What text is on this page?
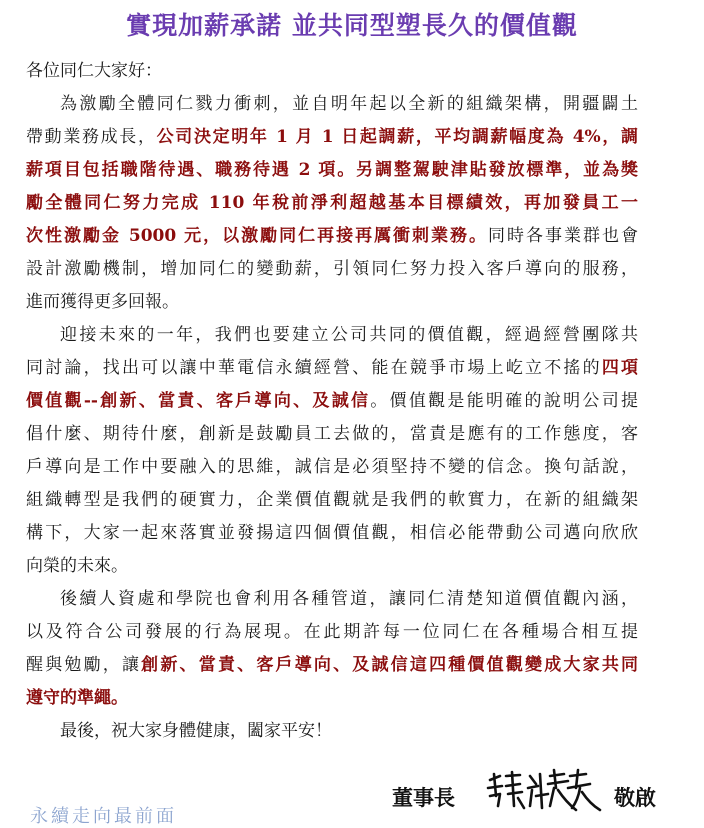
實現加薪承諾 並共同型塑長久的價值觀
各位同仁大家好：
為激勵全體同仁戮力衝刺，並自明年起以全新的組織架構，開疆闢土
帶動業務成長，公司決定明年 1 月 1 日起調薪，平均調薪幅度為 4%，調
薪項目包括職階待遇、職務待遇 2 項。另調整駕駛津貼發放標準，並為獎
勵全體同仁努力完成 110 年稅前淨利超越基本目標績效，再加發員工一
次性激勵金 5000 元，以激勵同仁再接再厲衝刺業務。同時各事業群也會
設計激勵機制，增加同仁的變動薪，引領同仁努力投入客戶導向的服務，
進而獲得更多回報。
迎接未來的一年，我們也要建立公司共同的價值觀，經過經營團隊共
同討論，找出可以讓中華電信永續經營、能在競爭市場上屹立不搖的四項
價值觀--創新、當責、客戶導向、及誠信。價值觀是能明確的說明公司提
倡什麼、期待什麼，創新是鼓勵員工去做的，當責是應有的工作態度，客
戶導向是工作中要融入的思維，誠信是必須堅持不變的信念。換句話說，
組織轉型是我們的硬實力，企業價值觀就是我們的軟實力，在新的組織架
構下，大家一起來落實並發揚這四個價值觀，相信必能帶動公司邁向欣欣
向榮的未來。
後續人資處和學院也會利用各種管道，讓同仁清楚知道價值觀內涵，
以及符合公司發展的行為展現。在此期許每一位同仁在各種場合相互提
醒與勉勵，讓創新、當責、客戶導向、及誠信這四種價值觀變成大家共同
遵守的準繩。
最後，祝大家身體健康，闔家平安！
董事長	敬啟
永續走向最前面
